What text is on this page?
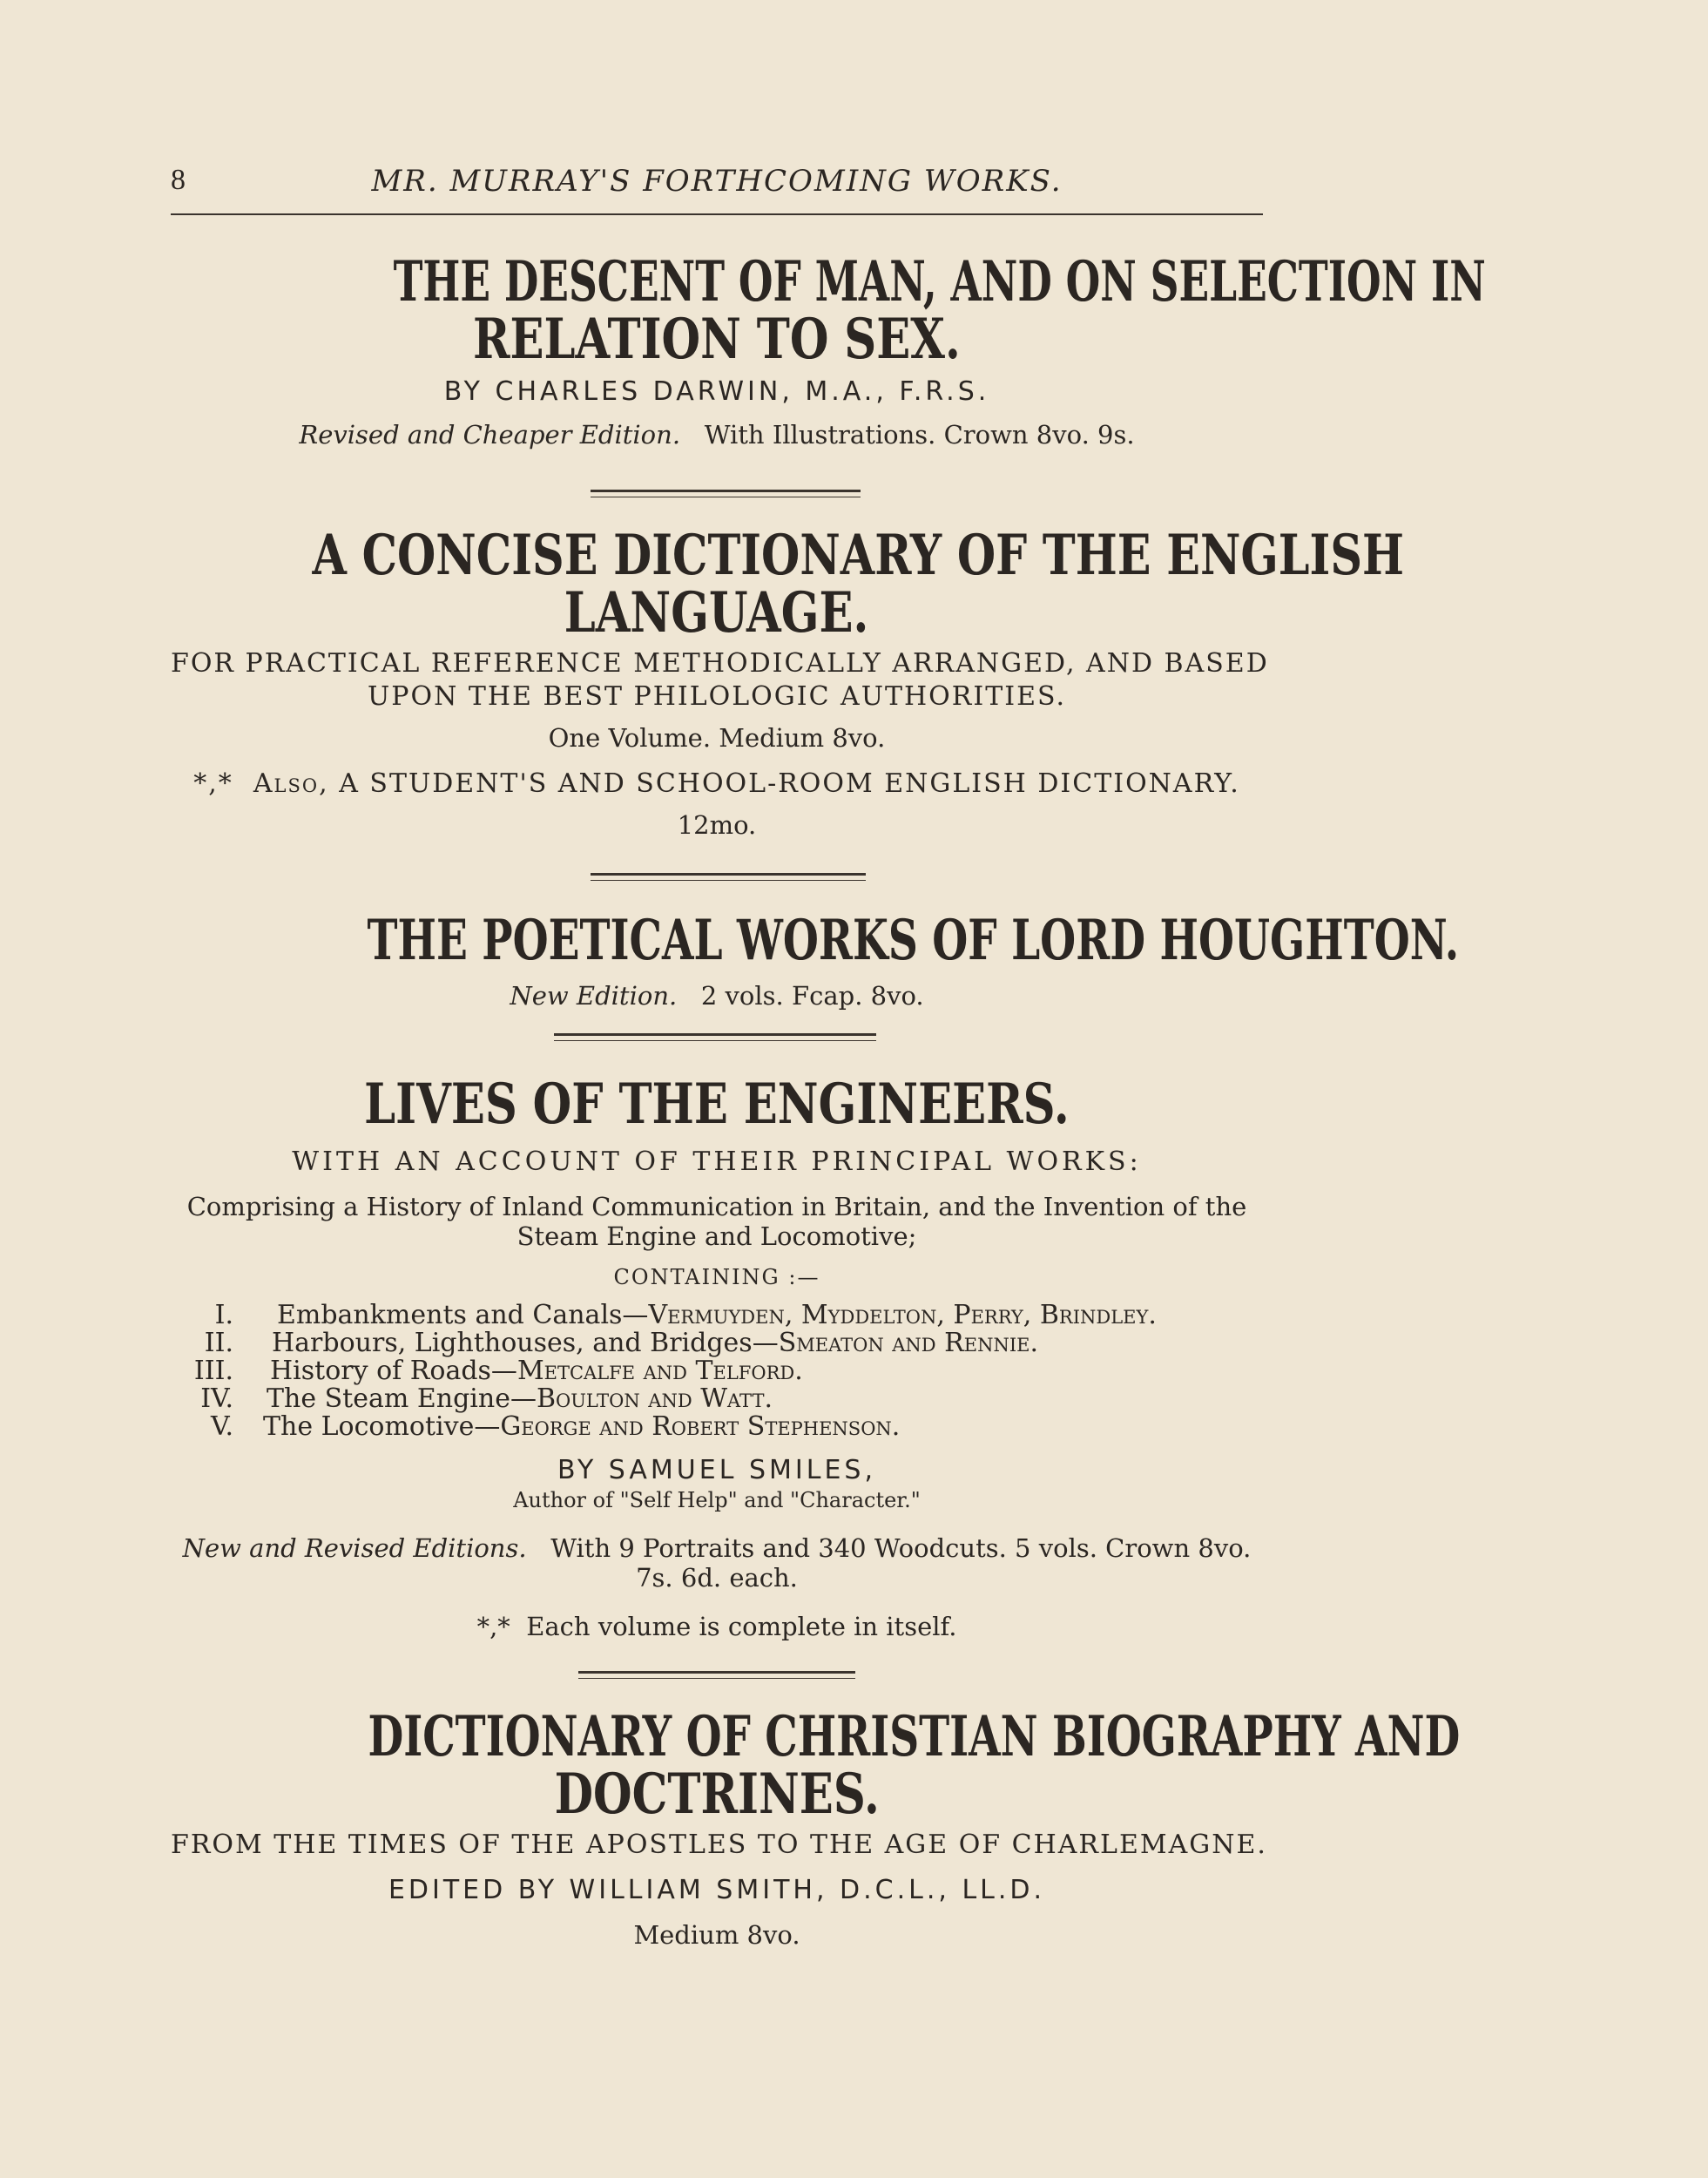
8	MR. MURRAY'S FORTHCOMING WORKS.
THE DESCENT OF MAN, AND ON SELECTION IN
RELATION TO SEX.
BY CHARLES DARWIN, M.A., F.R.S.
Revised and Cheaper Edition. With Illustrations. Crown 8vo. 9s.
A CONCISE DICTIONARY OF THE ENGLISH
LANGUAGE.
FOR PRACTICAL REFERENCE METHODICALLY ARRANGED, AND BASED
UPON THE BEST PHILOLOGIC AUTHORITIES.
One Volume. Medium 8vo.
*,* Also, A STUDENT'S AND SCHOOL-ROOM ENGLISH DICTIONARY.
12mo.
THE POETICAL WORKS OF LORD HOUGHTON.
New Edition. 2 vols. Fcap. 8vo.
LIVES OF THE ENGINEERS.
WITH AN ACCOUNT OF THEIR PRINCIPAL WORKS:
Comprising a History of Inland Communication in Britain, and the Invention of the
Steam Engine and Locomotive;
CONTAINING :—
I. Embankments and Canals—Vermuyden, Myddelton, Perry, Brindley.
II. Harbours, Lighthouses, and Bridges—Smeaton and Rennie.
III. History of Roads—Metcalfe and Telford.
IV. The Steam Engine—Boulton and Watt.
V. The Locomotive—George and Robert Stephenson.
BY SAMUEL SMILES,
Author of "Self Help" and "Character."
New and Revised Editions. With 9 Portraits and 340 Woodcuts. 5 vols. Crown 8vo.
7s. 6d. each.
*,* Each volume is complete in itself.
DICTIONARY OF CHRISTIAN BIOGRAPHY AND
DOCTRINES.
FROM THE TIMES OF THE APOSTLES TO THE AGE OF CHARLEMAGNE.
EDITED BY WILLIAM SMITH, D.C.L., LL.D.
Medium 8vo.
